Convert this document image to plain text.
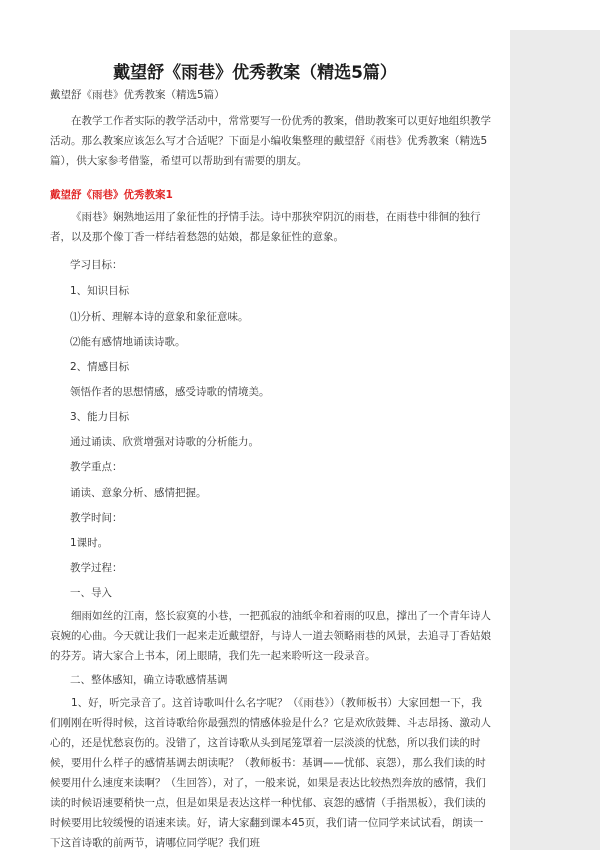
戴望舒《雨巷》优秀教案（精选5篇）

戴望舒《雨巷》优秀教案（精选5篇）

在教学工作者实际的教学活动中，常常要写一份优秀的教案，借助教案可以更好地组织教学活动。那么教案应该怎么写才合适呢？下面是小编收集整理的戴望舒《雨巷》优秀教案（精选5篇），供大家参考借鉴，希望可以帮助到有需要的朋友。

戴望舒《雨巷》优秀教案1

《雨巷》娴熟地运用了象征性的抒情手法。诗中那狭窄阴沉的雨巷，在雨巷中徘徊的独行者，以及那个像丁香一样结着愁怨的姑娘，都是象征性的意象。

学习目标：

1、知识目标

⑴分析、理解本诗的意象和象征意味。

⑵能有感情地诵读诗歌。

2、情感目标

领悟作者的思想情感，感受诗歌的情境美。

3、能力目标

通过诵读、欣赏增强对诗歌的分析能力。

教学重点：

诵读、意象分析、感情把握。

教学时间：

1课时。

教学过程：

一、导入

细雨如丝的江南，悠长寂寞的小巷，一把孤寂的油纸伞和着雨的叹息，撑出了一个青年诗人哀婉的心曲。今天就让我们一起来走近戴望舒，与诗人一道去领略雨巷的风景，去追寻丁香姑娘的芬芳。请大家合上书本，闭上眼睛，我们先一起来聆听这一段录音。

二、整体感知，确立诗歌感情基调

1、好，听完录音了。这首诗歌叫什么名字呢？（《雨巷》）（教师板书）大家回想一下，我们刚刚在听得时候，这首诗歌给你最强烈的情感体验是什么？它是欢欣鼓舞、斗志昂扬、激动人心的，还是忧愁哀伤的。没错了，这首诗歌从头到尾笼罩着一层淡淡的忧愁，所以我们读的时候，要用什么样子的感情基调去朗读呢？（教师板书：基调——忧郁、哀怨），那么我们读的时候要用什么速度来读啊？（生回答），对了，一般来说，如果是表达比较热烈奔放的感情，我们读的时候语速要稍快一点，但是如果是表达这样一种忧郁、哀怨的感情（手指黑板），我们读的时候要用比较缓慢的语速来读。好，请大家翻到课本45页，我们请一位同学来试试看，朗读一下这首诗歌的前两节，请哪位同学呢？我们班
